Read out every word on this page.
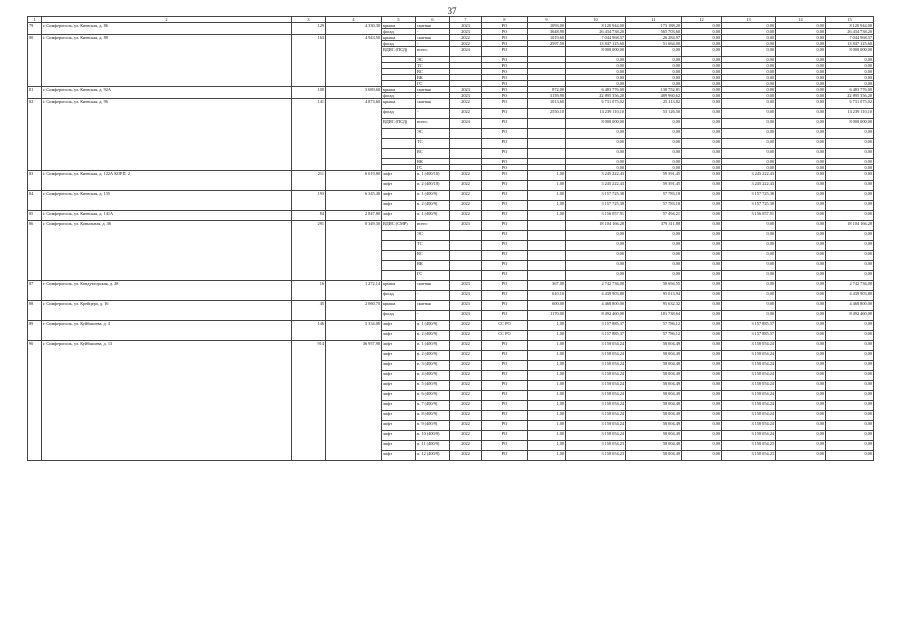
37
1	2	3	4	5	6	7	8	9	10	11	12	13	14	15
79	г. Симферополь, ул. Киевская, д. 86	129	4 330,30	крыша	скатная	2023	РО	1093,00	8 120 944,00	173 188,20	0,00	0,00	0,00	8 120 944,00
				фасад	-	2023	РО	3648,90	26 434 738,20	565 703,60	0,00	0,00	0,00	26 434 738,20
80	г. Симферополь, ул. Киевская, д. 88	163	4 943,50	крыша	скатная	2022	РО	1019,60	7 044 968,57	26 284,97	0,00	0,00	0,00	7 044 968,57
				фасад	-	2022	РО	2597,50	13 847 125,60	51 664,00	0,00	0,00	0,00	13 847 125,60
				ВДИС (ПСД)	всего:	2024	РО		8 000 000,00	0,00	0,00	0,00	0,00	8 000 000,00
					ЭС		РО		0,00	0,00	0,00	0,00	0,00	0,00
					ТС		РО		0,00	0,00	0,00	0,00	0,00	0,00
					ВС		РО		0,00	0,00	0,00	0,00	0,00	0,00
					ВК		РО		0,00	0,00	0,00	0,00	0,00	0,00
					ГС		РО		0,00	0,00	0,00	0,00	0,00	0,00
81	г. Симферополь, ул. Киевская, д. 92А	108	3 689,60	крыша	скатная	2023	РО	872,00	6 483 776,00	138 752,81	0,00	0,00	0,00	6 483 776,00
				фасад	-	2023	РО	3159,90	22 895 356,20	489 960,62	0,00	0,00	0,00	22 895 356,20
82	г. Симферополь, ул. Киевская, д. 96	141	4 873,60	крыша	скатная	2022	РО	1013,60	6 731 075,02	25 113,82	0,00	0,00	0,00	6 731 075,02
				фасад	-	2022	РО	2550,10	14 239 110,10	53 126,50	0,00	0,00	0,00	14 239 110,10
				ВДИС (ПСД)	всего:	2024	РО		8 000 000,00	0,00	0,00	0,00	0,00	8 000 000,00
					ЭС		РО		0,00	0,00	0,00	0,00	0,00	0,00
					ТС		РО		0,00	0,00	0,00	0,00	0,00	0,00
					ВС		РО		0,00	0,00	0,00	0,00	0,00	0,00
					ВК		РО		0,00	0,00	0,00	0,00	0,00	0,00
					ГС		РО		0,00	0,00	0,00	0,00	0,00	0,00
83	г. Симферополь, ул. Киевская, д. 122А КОРП. 2	211	6 019,80	лифт	п. 1 (400/10)	2022	РО	1,00	3 245 222,43	59 391,45	0,00	3 245 222,43	0,00	0,00
				лифт	п. 2 (400/10)	2022	РО	1,00	3 245 222,43	59 391,45	0,00	3 245 222,43	0,00	0,00
84	г. Симферополь, ул. Киевская, д. 135	193	6 345,40	лифт	п. 1 (400/9)	2022	РО	1,00	3 157 725,38	57 783,18	0,00	3 157 725,38	0,00	0,00
				лифт	п. 2 (400/9)	2022	РО	1,00	3 157 725,38	57 783,18	0,00	3 157 725,38	0,00	0,00
85	г. Симферополь, ул. Киевская, д. 141А	84	2 847,80	лифт	п. 1 (400/9)	2022	РО	1,00	3 156 057,91	57 494,21	0,00	3 156 057,91	0,00	0,00
86	г. Симферополь, ул. Ковыльная, д. 46	291	8 349,30	ВДИС (СМР)	всего:	2023	РО		18 104 166,28	379 311,88	0,00	0,00	0,00	18 104 166,28
					ЭС		РО		0,00	0,00	0,00	0,00	0,00	0,00
					ТС		РО		0,00	0,00	0,00	0,00	0,00	0,00
					ВС		РО		0,00	0,00	0,00	0,00	0,00	0,00
					ВК		РО		0,00	0,00	0,00	0,00	0,00	0,00
					ГС		РО		0,00	0,00	0,00	0,00	0,00	0,00
87	г. Симферополь, ул. Кондукторская, д. 28	16	1 272,14	крыша	скатная	2023	РО	367,00	2 742 736,00	58 694,55	0,00	0,00	0,00	2 742 736,00
				фасад	-	2023	РО	610,10	4 439 903,80	95 013,94	0,00	0,00	0,00	4 439 903,80
88	г. Симферополь, ул. Крейцера, д. 16	45	2 060,70	крыша	скатная	2023	РО	600,00	4 468 800,00	95 632,32	0,00	0,00	0,00	4 468 800,00
				фасад	-	2023	РО	1170,00	8 492 460,00	181 738,64	0,00	0,00	0,00	8 492 460,00
89	г. Симферополь, ул. Куйбышева, д. 4	146	5 334,08	лифт	п. 1 (400/9)	2022	СС РО	1,00	3 157 885,37	57 786,12	0,00	3 157 885,37	0,00	0,00
				лифт	п. 2 (400/9)	2022	СС РО	1,00	3 157 885,37	57 786,12	0,00	3 157 885,37	0,00	0,00
90	г. Симферополь, ул. Куйбышева, д. 13	914	36 957,90	лифт	п. 1 (400/9)	2022	РО	1,00	3 158 054,24	58 004,49	0,00	3 158 054,24	0,00	0,00
				лифт	п. 2 (400/9)	2022	РО	1,00	3 158 054,24	58 004,49	0,00	3 158 054,24	0,00	0,00
				лифт	п. 3 (400/9)	2022	РО	1,00	3 158 054,24	58 004,49	0,00	3 158 054,24	0,00	0,00
				лифт	п. 4 (400/9)	2022	РО	1,00	3 158 054,24	58 004,49	0,00	3 158 054,24	0,00	0,00
				лифт	п. 5 (400/9)	2022	РО	1,00	3 158 054,24	58 004,49	0,00	3 158 054,24	0,00	0,00
				лифт	п. 6 (400/9)	2022	РО	1,00	3 158 054,24	58 004,49	0,00	3 158 054,24	0,00	0,00
				лифт	п. 7 (400/9)	2022	РО	1,00	3 158 054,24	58 004,49	0,00	3 158 054,24	0,00	0,00
				лифт	п. 8 (400/9)	2022	РО	1,00	3 158 054,24	58 004,49	0,00	3 158 054,24	0,00	0,00
				лифт	п. 9 (400/9)	2022	РО	1,00	3 158 054,24	58 004,49	0,00	3 158 054,24	0,00	0,00
				лифт	п. 10 (400/9)	2022	РО	1,00	3 158 054,24	58 004,49	0,00	3 158 054,24	0,00	0,00
				лифт	п. 11 (400/9)	2022	РО	1,00	3 158 054,23	58 004,49	0,00	3 158 054,23	0,00	0,00
				лифт	п. 12 (400/9)	2022	РО	1,00	3 158 054,23	58 004,49	0,00	3 158 054,23	0,00	0,00
